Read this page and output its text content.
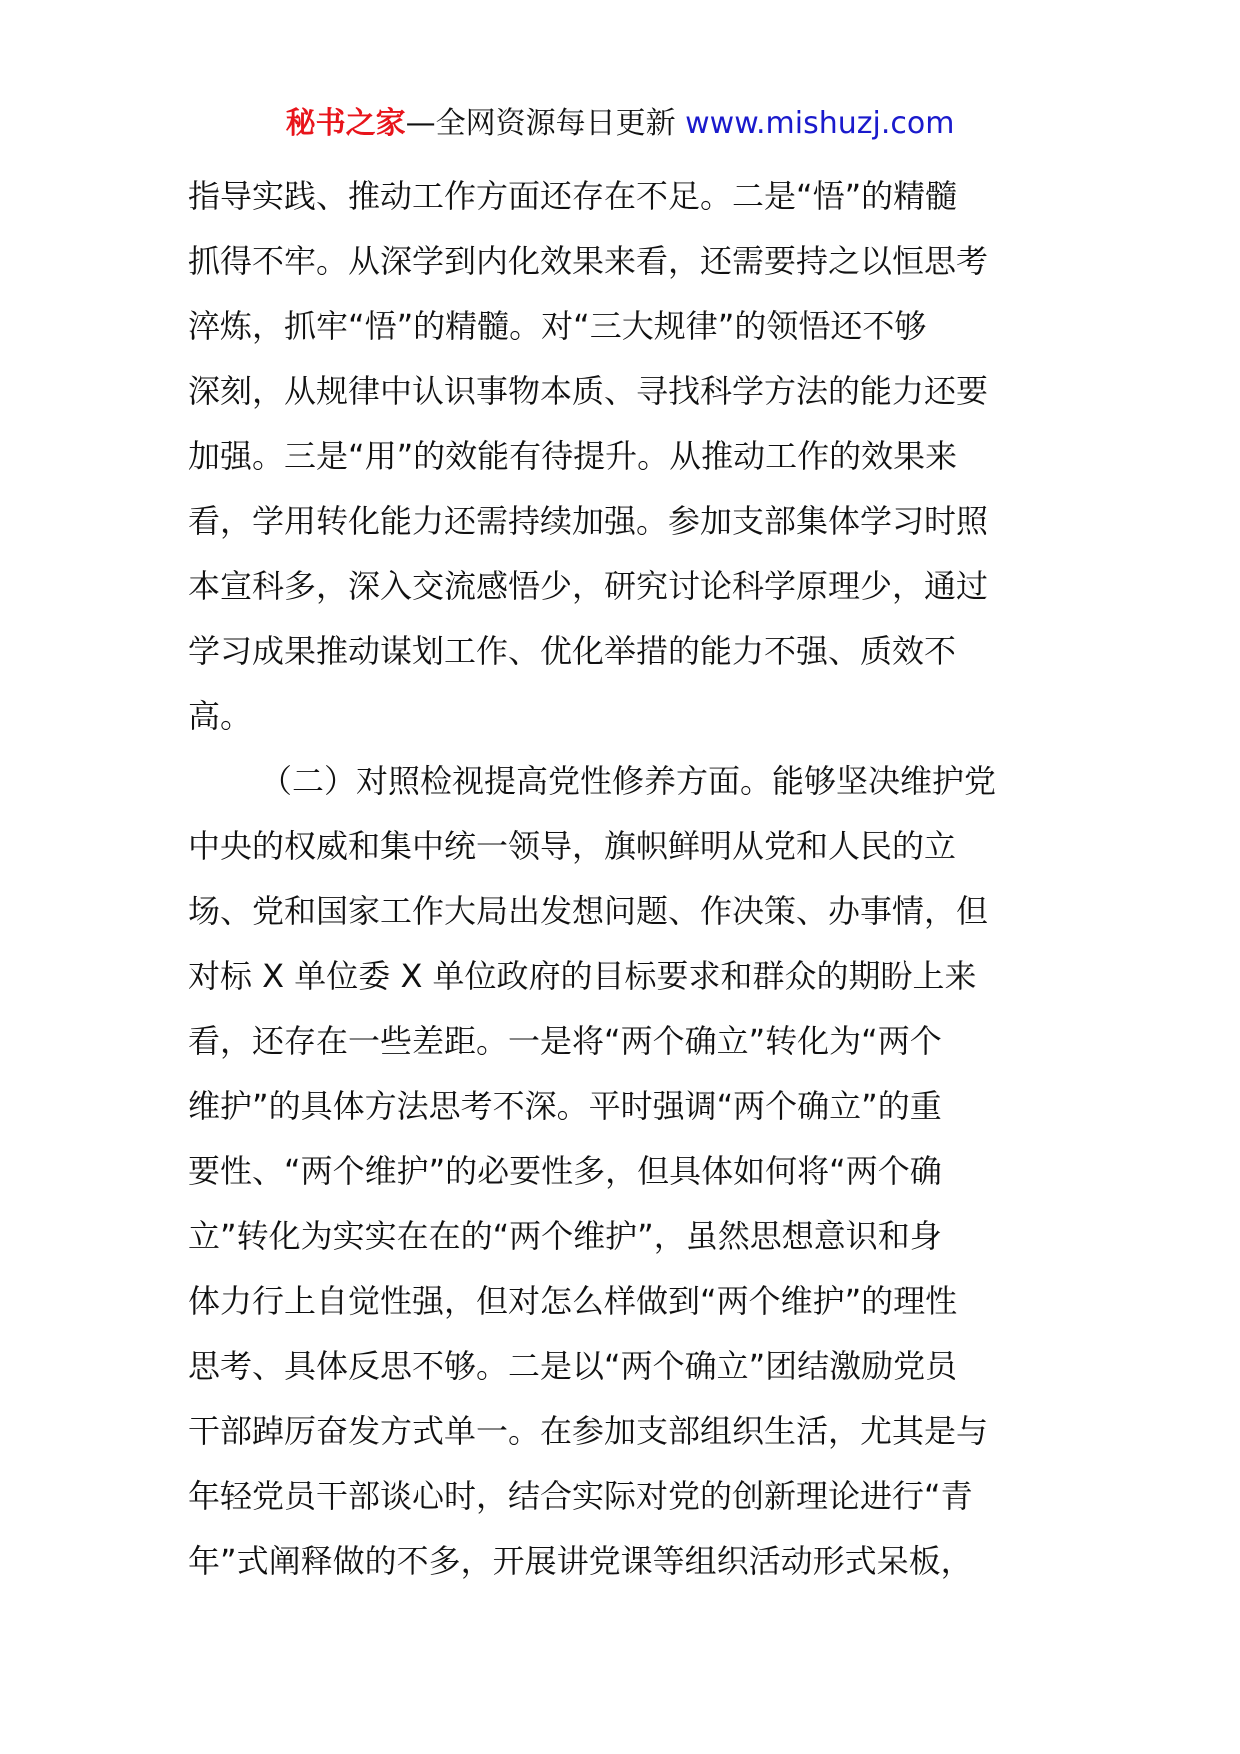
秘书之家—全网资源每日更新 www.mishuzj.com
指导实践、推动工作方面还存在不足。二是“悟”的精髓
抓得不牢。从深学到内化效果来看，还需要持之以恒思考
淬炼，抓牢“悟”的精髓。对“三大规律”的领悟还不够
深刻，从规律中认识事物本质、寻找科学方法的能力还要
加强。三是“用”的效能有待提升。从推动工作的效果来
看，学用转化能力还需持续加强。参加支部集体学习时照
本宣科多，深入交流感悟少，研究讨论科学原理少，通过
学习成果推动谋划工作、优化举措的能力不强、质效不
高。
（二）对照检视提高党性修养方面。能够坚决维护党
中央的权威和集中统一领导，旗帜鲜明从党和人民的立
场、党和国家工作大局出发想问题、作决策、办事情，但
对标 X 单位委 X 单位政府的目标要求和群众的期盼上来
看，还存在一些差距。一是将“两个确立”转化为“两个
维护”的具体方法思考不深。平时强调“两个确立”的重
要性、“两个维护”的必要性多，但具体如何将“两个确
立”转化为实实在在的“两个维护”，虽然思想意识和身
体力行上自觉性强，但对怎么样做到“两个维护”的理性
思考、具体反思不够。二是以“两个确立”团结激励党员
干部踔厉奋发方式单一。在参加支部组织生活，尤其是与
年轻党员干部谈心时，结合实际对党的创新理论进行“青
年”式阐释做的不多，开展讲党课等组织活动形式呆板，
